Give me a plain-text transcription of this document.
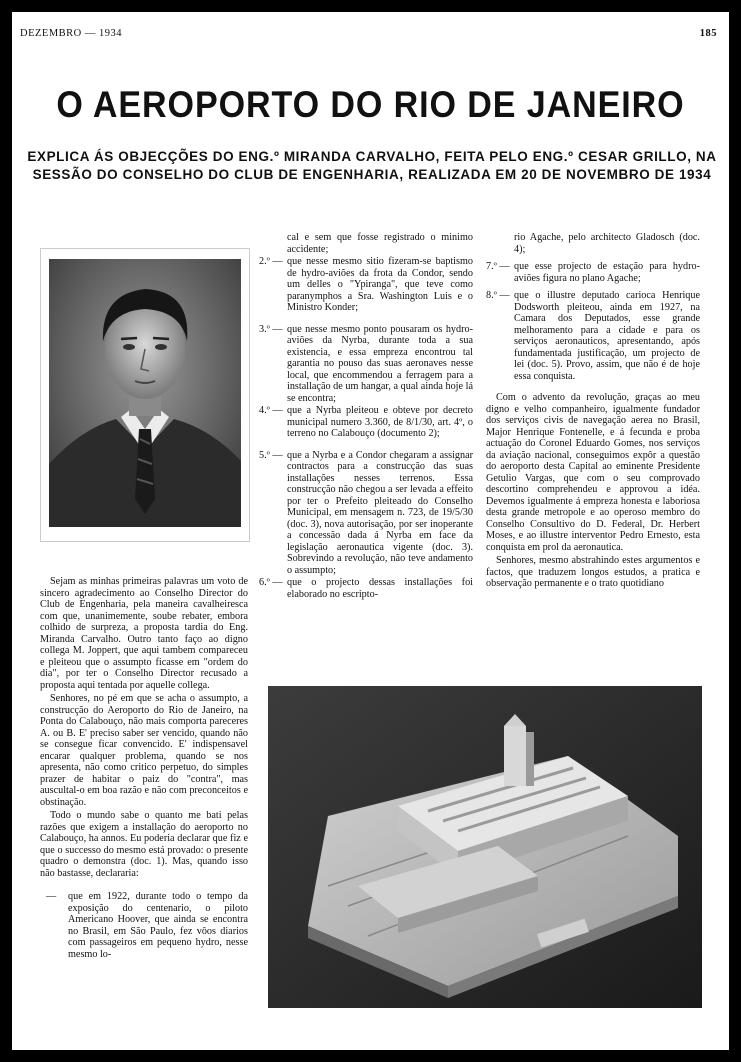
DEZEMBRO — 1934	185
O AEROPORTO DO RIO DE JANEIRO
EXPLICA ÁS OBJECÇÕES DO ENG.º MIRANDA CARVALHO, FEITA PELO ENG.º CESAR GRILLO, NA SESSÃO DO CONSELHO DO CLUB DE ENGENHARIA, REALIZADA EM 20 DE NOVEMBRO DE 1934

Sejam as minhas primeiras palavras um voto de sincero agradecimento ao Conselho Director do Club de Engenharia, pela maneira cavalheiresca com que, unanimemente, soube rebater, embora colhido de surpreza, a proposta tardia do Eng. Miranda Carvalho. Outro tanto faço ao digno collega M. Joppert, que aqui tambem compareceu e pleiteou que o assumpto ficasse em "ordem do dia", por ter o Conselho Director recusado a proposta aqui tentada por aquelle collega.

Senhores, no pé em que se acha o assumpto, a construcção do Aeroporto do Rio de Janeiro, na Ponta do Calabouço, não mais comporta pareceres A. ou B. E' preciso saber ser vencido, quando não se consegue ficar convencido. E' indispensavel encarar qualquer problema, quando se nos apresenta, não como critico perpetuo, do simples prazer de habitar o paiz do "contra", mas auscultal-o em boa razão e não com preconceitos e obstinação.

Todo o mundo sabe o quanto me bati pelas razões que exigem a installação do aeroporto no Calabouço, ha annos. Eu poderia declarar que fiz e que o successo do mesmo está provado: o presente quadro o demonstra (doc. 1). Mas, quando isso não bastasse, declararia:

—	que em 1922, durante todo o tempo da exposição do centenario, o piloto Americano Hoover, que ainda se encontra no Brasil, em São Paulo, fez vôos diarios com passageiros em pequeno hydro, nesse mesmo lo-
cal e sem que fosse registrado o minimo accidente;
2.º — que nesse mesmo sitio fizeram-se baptismo de hydro-aviões da frota da Condor, sendo um delles o "Ypiranga", que teve como paranymphos a Sra. Washington Luis e o Ministro Konder;
3.º — que nesse mesmo ponto pousaram os hydro-aviões da Nyrba, durante toda a sua existencia, e essa empreza encontrou tal garantia no pouso das suas aeronaves nesse local, que encommendou a ferragem para a installação de um hangar, a qual ainda hoje lá se encontra;
4.º — que a Nyrba pleiteou e obteve por decreto municipal numero 3.360, de 8/1/30, art. 4º, o terreno no Calabouço (documento 2);
5.º — que a Nyrba e a Condor chegaram a assignar contractos para a construcção das suas installações nesses terrenos. Essa construcção não chegou a ser levada a effeito por ter o Prefeito pleiteado do Conselho Municipal, em mensagem n. 723, de 19/5/30 (doc. 3), nova autorisação, por ser inoperante a concessão dada á Nyrba em face da legislação aeronautica vigente (doc. 3). Sobrevindo a revolução, não teve andamento o assumpto;
6.º — que o projecto dessas installações foi elaborado no escripto-
rio Agache, pelo architecto Gladosch (doc. 4);
7.º — que esse projecto de estação para hydro-aviões figura no plano Agache;
8.º — que o illustre deputado carioca Henrique Dodsworth pleiteou, ainda em 1927, na Camara dos Deputados, esse grande melhoramento para a cidade e para os serviços aeronauticos, apresentando, após fundamentada justificação, um projecto de lei (doc. 5). Provo, assim, que não é de hoje essa conquista.

Com o advento da revolução, graças ao meu digno e velho companheiro, igualmente fundador dos serviços civis de navegação aerea no Brasil, Major Henrique Fontenelle, e á fecunda e proba actuação do Coronel Eduardo Gomes, nos serviços da aviação nacional, conseguimos expôr a questão do aeroporto desta Capital ao eminente Presidente Getulio Vargas, que com o seu comprovado descortino comprehendeu e approvou a idéa. Devemos igualmente á empreza honesta e laboriosa desta grande metropole e ao operoso membro do Conselho Consultivo do D. Federal, Dr. Herbert Moses, e ao illustre interventor Pedro Ernesto, esta conquista em prol da aeronautica.

Senhores, mesmo abstrahindo estes argumentos e factos, que traduzem longos estudos, a pratica e observação permanente e o trato quotidiano
